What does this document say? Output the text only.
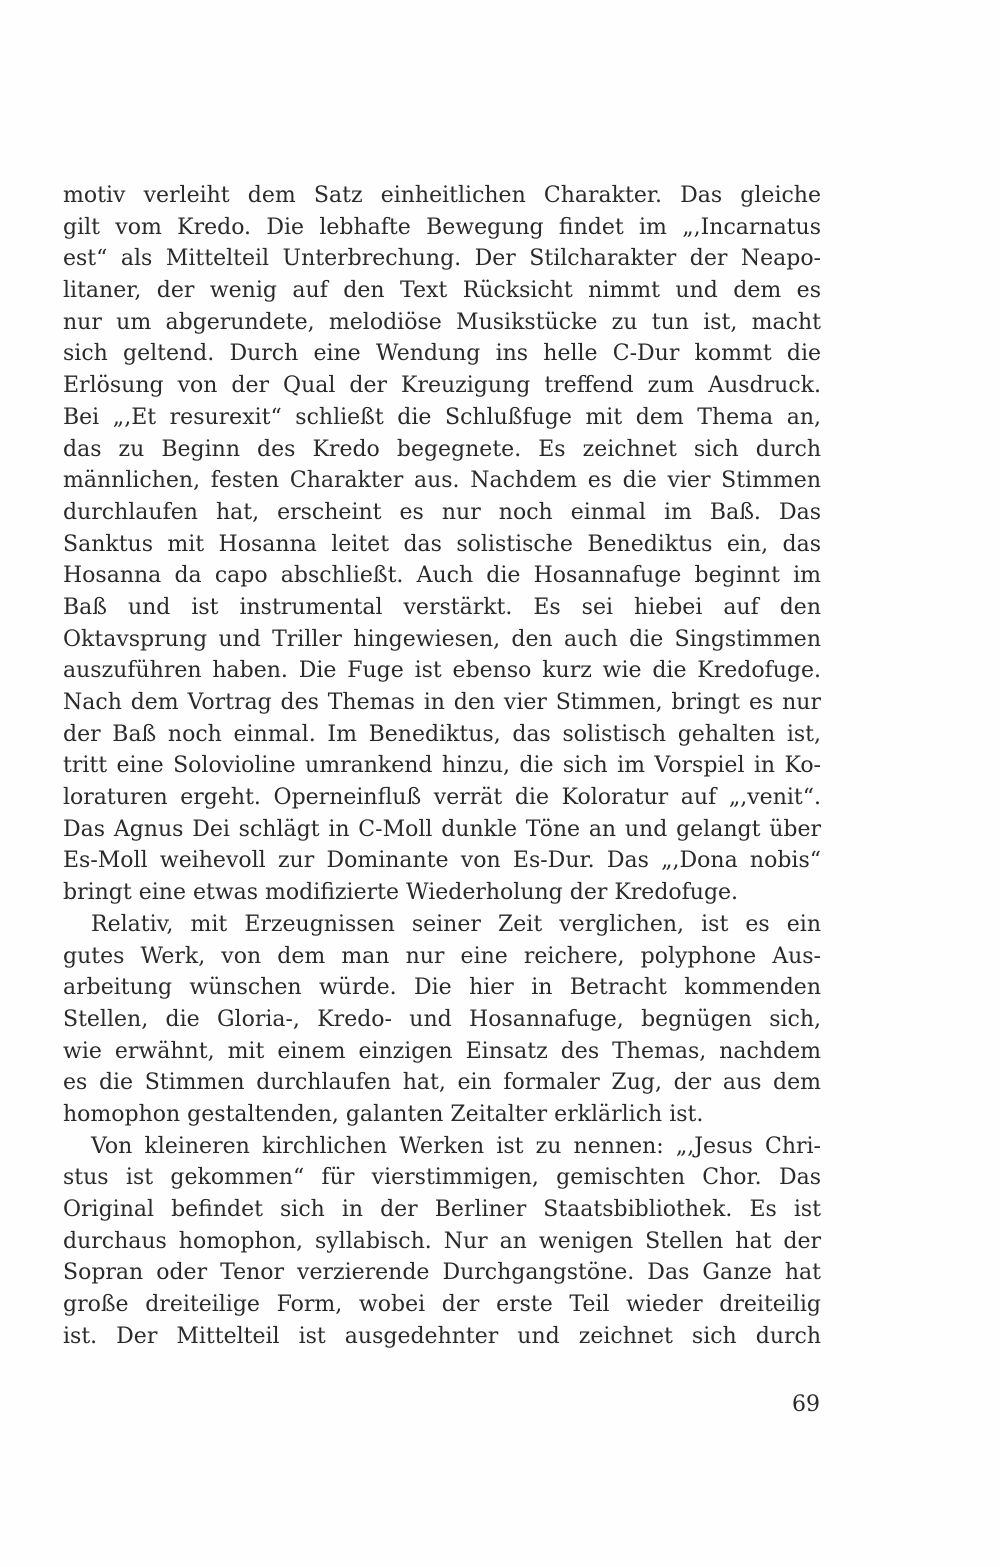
motiv verleiht dem Satz einheitlichen Charakter. Das gleiche
gilt vom Kredo. Die lebhafte Bewegung findet im „,Incarnatus
est“ als Mittelteil Unterbrechung. Der Stilcharakter der Neapo-
litaner, der wenig auf den Text Rücksicht nimmt und dem es
nur um abgerundete, melodiöse Musikstücke zu tun ist, macht
sich geltend. Durch eine Wendung ins helle C-Dur kommt die
Erlösung von der Qual der Kreuzigung treffend zum Ausdruck.
Bei „,Et resurexit“ schließt die Schlußfuge mit dem Thema an,
das zu Beginn des Kredo begegnete. Es zeichnet sich durch
männlichen, festen Charakter aus. Nachdem es die vier Stimmen
durchlaufen hat, erscheint es nur noch einmal im Baß. Das
Sanktus mit Hosanna leitet das solistische Benediktus ein, das
Hosanna da capo abschließt. Auch die Hosannafuge beginnt im
Baß und ist instrumental verstärkt. Es sei hiebei auf den
Oktavsprung und Triller hingewiesen, den auch die Singstimmen
auszuführen haben. Die Fuge ist ebenso kurz wie die Kredofuge.
Nach dem Vortrag des Themas in den vier Stimmen, bringt es nur
der Baß noch einmal. Im Benediktus, das solistisch gehalten ist,
tritt eine Soloviolinе umrankend hinzu, die sich im Vorspiel in Ko-
loraturen ergeht. Operneinfluß verrät die Koloratur auf „,venit“.
Das Agnus Dei schlägt in C-Moll dunkle Töne an und gelangt über
Es-Moll weihevoll zur Dominante von Es-Dur. Das „,Dona nobis“
bringt eine etwas modifizierte Wiederholung der Kredofuge.
Relativ, mit Erzeugnissen seiner Zeit verglichen, ist es ein
gutes Werk, von dem man nur eine reichere, polyphone Aus-
arbeitung wünschen würde. Die hier in Betracht kommenden
Stellen, die Gloria-, Kredo- und Hosannafuge, begnügen sich,
wie erwähnt, mit einem einzigen Einsatz des Themas, nachdem
es die Stimmen durchlaufen hat, ein formaler Zug, der aus dem
homophon gestaltenden, galanten Zeitalter erklärlich ist.
Von kleineren kirchlichen Werken ist zu nennen: „,Jesus Chri-
stus ist gekommen“ für vierstimmigen, gemischten Chor. Das
Original befindet sich in der Berliner Staatsbibliothek. Es ist
durchaus homophon, syllabisch. Nur an wenigen Stellen hat der
Sopran oder Tenor verzierende Durchgangstöne. Das Ganze hat
große dreiteilige Form, wobei der erste Teil wieder dreiteilig
ist. Der Mittelteil ist ausgedehnter und zeichnet sich durch
69
